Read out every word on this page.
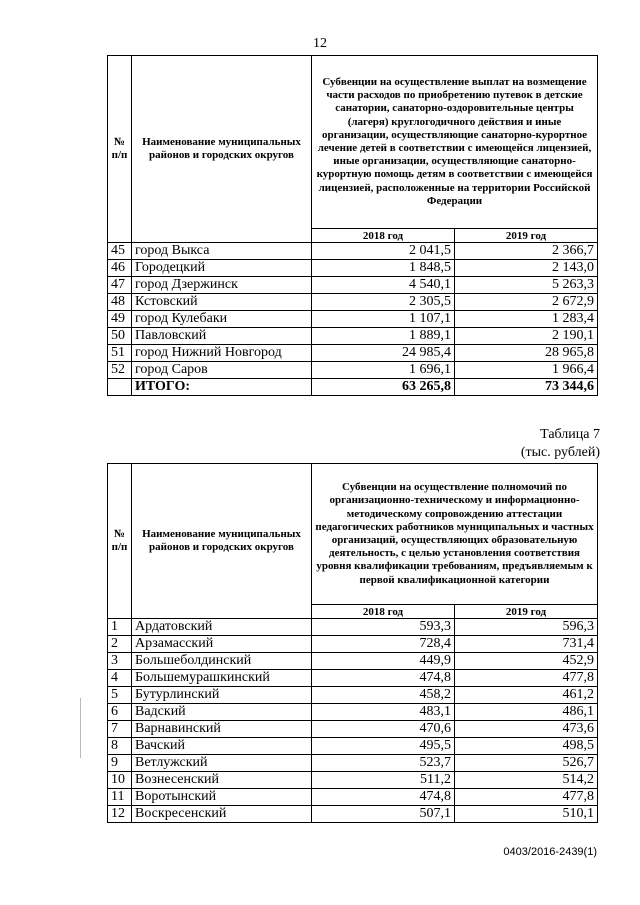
12
№ п/п	Наименование муниципальных районов и городских округов	Субвенции на осуществление выплат на возмещение части расходов по приобретению путевок в детские санатории, санаторно-оздоровительные центры (лагеря) круглогодичного действия и иные организации, осуществляющие санаторно-курортное лечение детей в соответствии с имеющейся лицензией, иные организации, осуществляющие санаторно-курортную помощь детям в соответствии с имеющейся лицензией, расположенные на территории Российской Федерации	
		2018 год	2019 год
45	город Выкса	2 041,5	2 366,7
46	Городецкий	1 848,5	2 143,0
47	город Дзержинск	4 540,1	5 263,3
48	Кстовский	2 305,5	2 672,9
49	город Кулебаки	1 107,1	1 283,4
50	Павловский	1 889,1	2 190,1
51	город Нижний Новгород	24 985,4	28 965,8
52	город Саров	1 696,1	1 966,4
	ИТОГО:	63 265,8	73 344,6
Таблица 7
(тыс. рублей)
№ п/п	Наименование муниципальных районов и городских округов	Субвенции на осуществление полномочий по организационно-техническому и информационно-методическому сопровождению аттестации педагогических работников муниципальных и частных организаций, осуществляющих образовательную деятельность, с целью установления соответствия уровня квалификации требованиям, предъявляемым к первой квалификационной категории	
		2018 год	2019 год
1	Ардатовский	593,3	596,3
2	Арзамасский	728,4	731,4
3	Большеболдинский	449,9	452,9
4	Большемурашкинский	474,8	477,8
5	Бутурлинский	458,2	461,2
6	Вадский	483,1	486,1
7	Варнавинский	470,6	473,6
8	Вачский	495,5	498,5
9	Ветлужский	523,7	526,7
10	Вознесенский	511,2	514,2
11	Воротынский	474,8	477,8
12	Воскресенский	507,1	510,1
0403/2016-2439(1)
